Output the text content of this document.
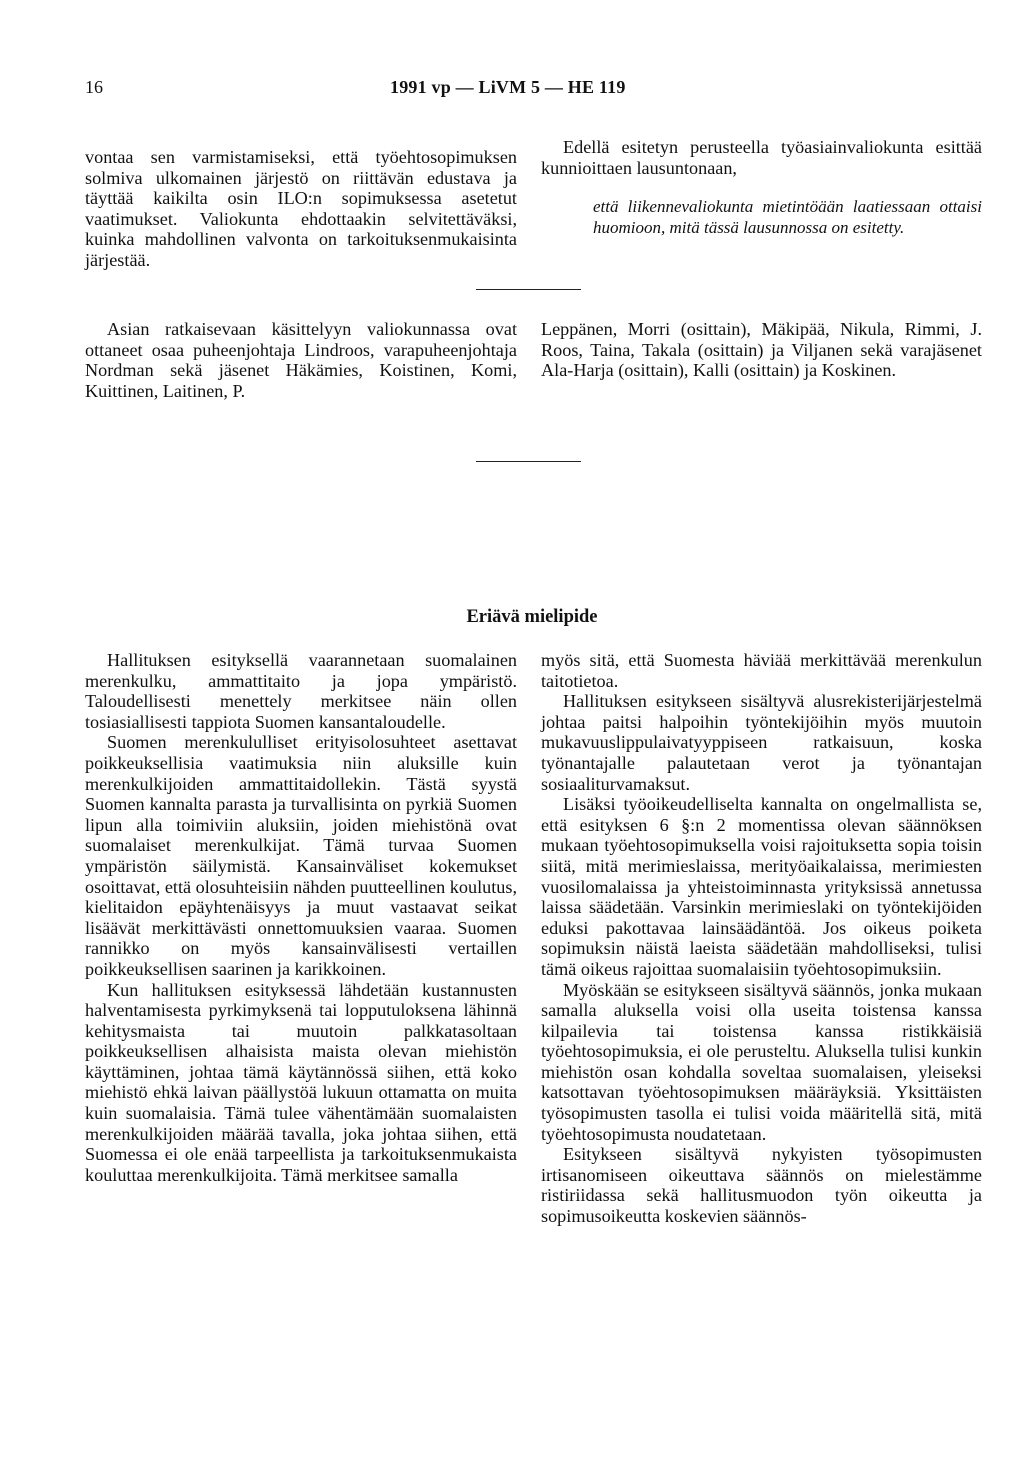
16	1991 vp — LiVM 5 — HE 119

vontaa sen varmistamiseksi, että työehtosopimuksen solmiva ulkomainen järjestö on riittävän edustava ja täyttää kaikilta osin ILO:n sopimuksessa asetetut vaatimukset. Valiokunta ehdottaakin selvitettäväksi, kuinka mahdollinen valvonta on tarkoituksenmukaisinta järjestää.

Edellä esitetyn perusteella työasiainvaliokunta esittää kunnioittaen lausuntonaan,

että liikennevaliokunta mietintöään laatiessaan ottaisi huomioon, mitä tässä lausunnossa on esitetty.

Asian ratkaisevaan käsittelyyn valiokunnassa ovat ottaneet osaa puheenjohtaja Lindroos, varapuheenjohtaja Nordman sekä jäsenet Häkämies, Koistinen, Komi, Kuittinen, Laitinen, P.

Leppänen, Morri (osittain), Mäkipää, Nikula, Rimmi, J. Roos, Taina, Takala (osittain) ja Viljanen sekä varajäsenet Ala-Harja (osittain), Kalli (osittain) ja Koskinen.

Eriävä mielipide

Hallituksen esityksellä vaarannetaan suomalainen merenkulku, ammattitaito ja jopa ympäristö. Taloudellisesti menettely merkitsee näin ollen tosiasiallisesti tappiota Suomen kansantaloudelle.

Suomen merenkululliset erityisolosuhteet asettavat poikkeuksellisia vaatimuksia niin aluksille kuin merenkulkijoiden ammattitaidollekin. Tästä syystä Suomen kannalta parasta ja turvallisinta on pyrkiä Suomen lipun alla toimiviin aluksiin, joiden miehistönä ovat suomalaiset merenkulkijat. Tämä turvaa Suomen ympäristön säilymistä. Kansainväliset kokemukset osoittavat, että olosuhteisiin nähden puutteellinen koulutus, kielitaidon epäyhtenäisyys ja muut vastaavat seikat lisäävät merkittävästi onnettomuuksien vaaraa. Suomen rannikko on myös kansainvälisesti vertaillen poikkeuksellisen saarinen ja karikkoinen.

Kun hallituksen esityksessä lähdetään kustannusten halventamisesta pyrkimyksenä tai lopputuloksena lähinnä kehitysmaista tai muutoin palkkatasoltaan poikkeuksellisen alhaisista maista olevan miehistön käyttäminen, johtaa tämä käytännössä siihen, että koko miehistö ehkä laivan päällystöä lukuun ottamatta on muita kuin suomalaisia. Tämä tulee vähentämään suomalaisten merenkulkijoiden määrää tavalla, joka johtaa siihen, että Suomessa ei ole enää tarpeellista ja tarkoituksenmukaista kouluttaa merenkulkijoita. Tämä merkitsee samalla

myös sitä, että Suomesta häviää merkittävää merenkulun taitotietoa.

Hallituksen esitykseen sisältyvä alusrekisterijärjestelmä johtaa paitsi halpoihin työntekijöihin myös muutoin mukavuuslippulaivatyyppiseen ratkaisuun, koska työnantajalle palautetaan verot ja työnantajan sosiaaliturvamaksut.

Lisäksi työoikeudelliselta kannalta on ongelmallista se, että esityksen 6 §:n 2 momentissa olevan säännöksen mukaan työehtosopimuksella voisi rajoituksetta sopia toisin siitä, mitä merimieslaissa, merityöaikalaissa, merimiesten vuosilomalaissa ja yhteistoiminnasta yrityksissä annetussa laissa säädetään. Varsinkin merimieslaki on työntekijöiden eduksi pakottavaa lainsäädäntöä. Jos oikeus poiketa sopimuksin näistä laeista säädetään mahdolliseksi, tulisi tämä oikeus rajoittaa suomalaisiin työehtosopimuksiin.

Myöskään se esitykseen sisältyvä säännös, jonka mukaan samalla aluksella voisi olla useita toistensa kanssa kilpailevia tai toistensa kanssa ristikkäisiä työehtosopimuksia, ei ole perusteltu. Aluksella tulisi kunkin miehistön osan kohdalla soveltaa suomalaisen, yleiseksi katsottavan työehtosopimuksen määräyksiä. Yksittäisten työsopimusten tasolla ei tulisi voida määritellä sitä, mitä työehtosopimusta noudatetaan.

Esitykseen sisältyvä nykyisten työsopimusten irtisanomiseen oikeuttava säännös on mielestämme ristiriidassa sekä hallitusmuodon työn oikeutta ja sopimusoikeutta koskevien säännös-
